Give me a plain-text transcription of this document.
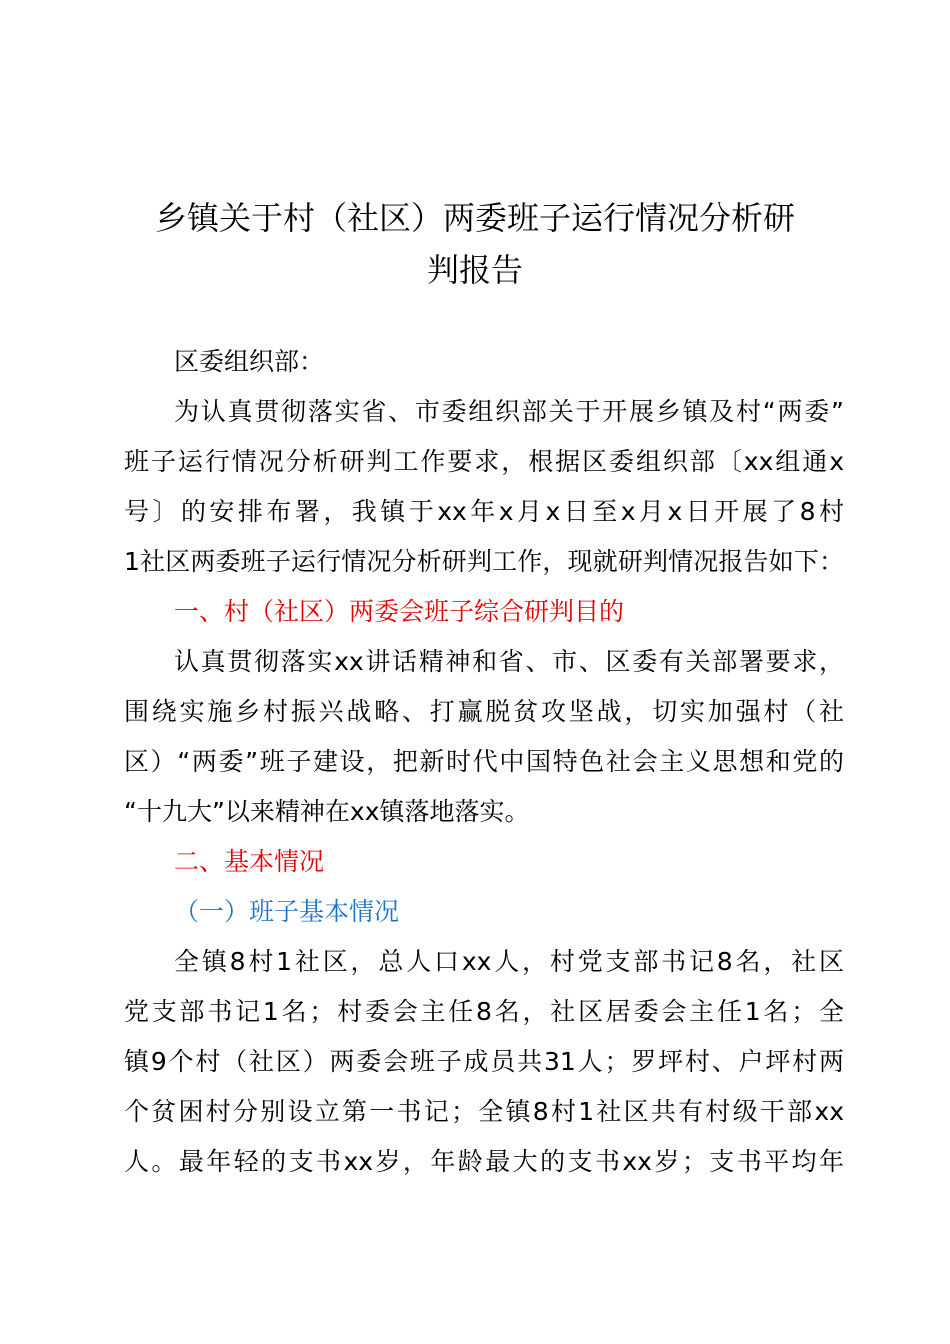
乡镇关于村（社区）两委班子运行情况分析研
判报告

区委组织部：

为认真贯彻落实省、市委组织部关于开展乡镇及村“两委”

班子运行情况分析研判工作要求，根据区委组织部〔xx组通x

号〕的安排布署，我镇于xx年x月x日至x月x日开展了8村

1社区两委班子运行情况分析研判工作，现就研判情况报告如下：

一、村（社区）两委会班子综合研判目的

认真贯彻落实xx讲话精神和省、市、区委有关部署要求，

围绕实施乡村振兴战略、打赢脱贫攻坚战，切实加强村（社

区）“两委”班子建设，把新时代中国特色社会主义思想和党的

“十九大”以来精神在xx镇落地落实。

二、基本情况

（一）班子基本情况

全镇8村1社区，总人口xx人，村党支部书记8名，社区

党支部书记1名；村委会主任8名，社区居委会主任1名；全

镇9个村（社区）两委会班子成员共31人；罗坪村、户坪村两

个贫困村分别设立第一书记；全镇8村1社区共有村级干部xx

人。最年轻的支书xx岁，年龄最大的支书xx岁；支书平均年
